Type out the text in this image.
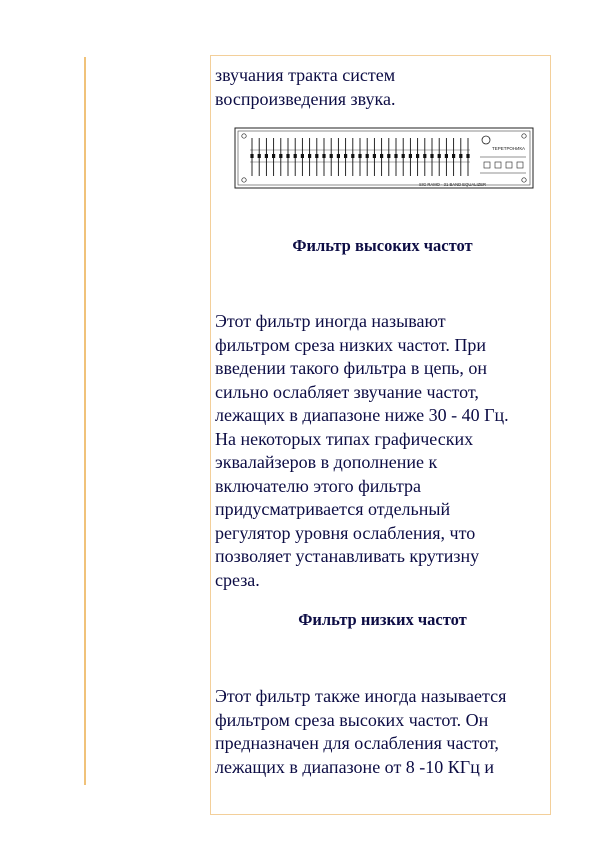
звучания тракта систем
воспроизведения звука.
ТЕРЕТРОНИКА
SIG RAMO · 31 BAND EQUALIZER
Фильтр высоких частот
Этот фильтр иногда называют
фильтром среза низких частот. При
введении такого фильтра в цепь, он
сильно ослабляет звучание частот,
лежащих в диапазоне ниже 30 - 40 Гц.
На некоторых типах графических
эквалайзеров в дополнение к
включателю этого фильтра
придусматривается отдельный
регулятор уровня ослабления, что
позволяет устанавливать крутизну
среза.
Фильтр низких частот
Этот фильтр также иногда называется
фильтром среза высоких частот. Он
предназначен для ослабления частот,
лежащих в диапазоне от 8 -10 КГц и
